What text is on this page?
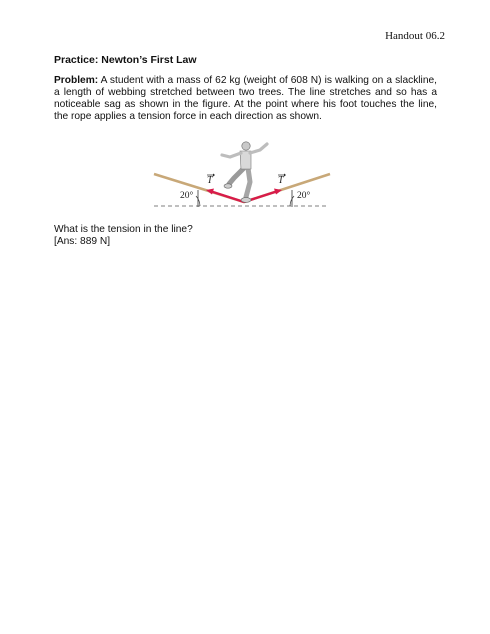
Handout 06.2
Practice: Newton’s First Law

Problem: A student with a mass of 62 kg (weight of 608 N) is walking on a slackline, a length of webbing stretched between two trees. The line stretches and so has a noticeable sag as shown in the figure. At the point where his foot touches the line, the rope applies a tension force in each direction as shown.

20°	20°
T	T
What is the tension in the line?
[Ans: 889 N]
